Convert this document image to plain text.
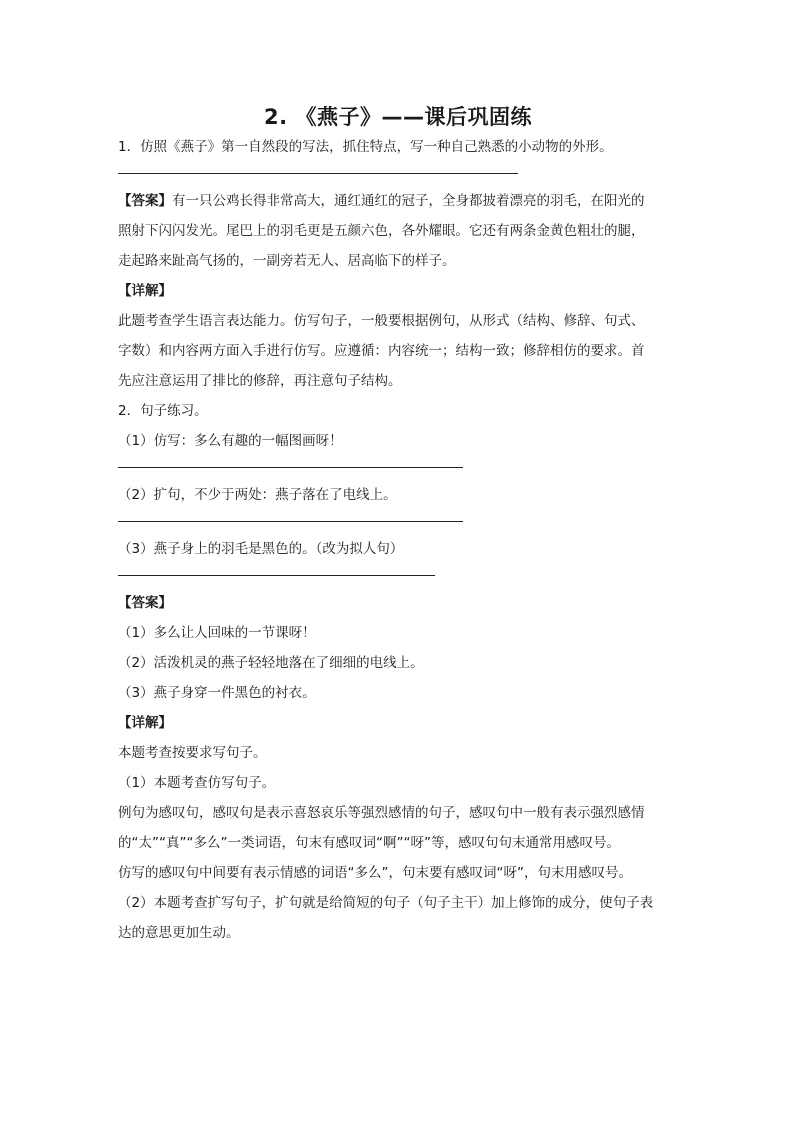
2. 《燕子》——课后巩固练
1．仿照《燕子》第一自然段的写法，抓住特点，写一种自己熟悉的小动物的外形。
【答案】有一只公鸡长得非常高大，通红通红的冠子，全身都披着漂亮的羽毛，在阳光的
照射下闪闪发光。尾巴上的羽毛更是五颜六色，各外耀眼。它还有两条金黄色粗壮的腿，
走起路来趾高气扬的，一副旁若无人、居高临下的样子。
【详解】
此题考查学生语言表达能力。仿写句子，一般要根据例句，从形式（结构、修辞、句式、
字数）和内容两方面入手进行仿写。应遵循：内容统一；结构一致；修辞相仿的要求。首
先应注意运用了排比的修辞，再注意句子结构。
2．句子练习。
（1）仿写：多么有趣的一幅图画呀！
（2）扩句，不少于两处：燕子落在了电线上。
（3）燕子身上的羽毛是黑色的。（改为拟人句）
【答案】
（1）多么让人回味的一节课呀！
（2）活泼机灵的燕子轻轻地落在了细细的电线上。
（3）燕子身穿一件黑色的衬衣。
【详解】
本题考查按要求写句子。
（1）本题考查仿写句子。
例句为感叹句，感叹句是表示喜怒哀乐等强烈感情的句子，感叹句中一般有表示强烈感情
的“太”“真”“多么”一类词语，句末有感叹词“啊”“呀”等，感叹句句末通常用感叹号。
仿写的感叹句中间要有表示情感的词语“多么”，句末要有感叹词“呀”，句末用感叹号。
（2）本题考查扩写句子，扩句就是给简短的句子（句子主干）加上修饰的成分，使句子表
达的意思更加生动。
